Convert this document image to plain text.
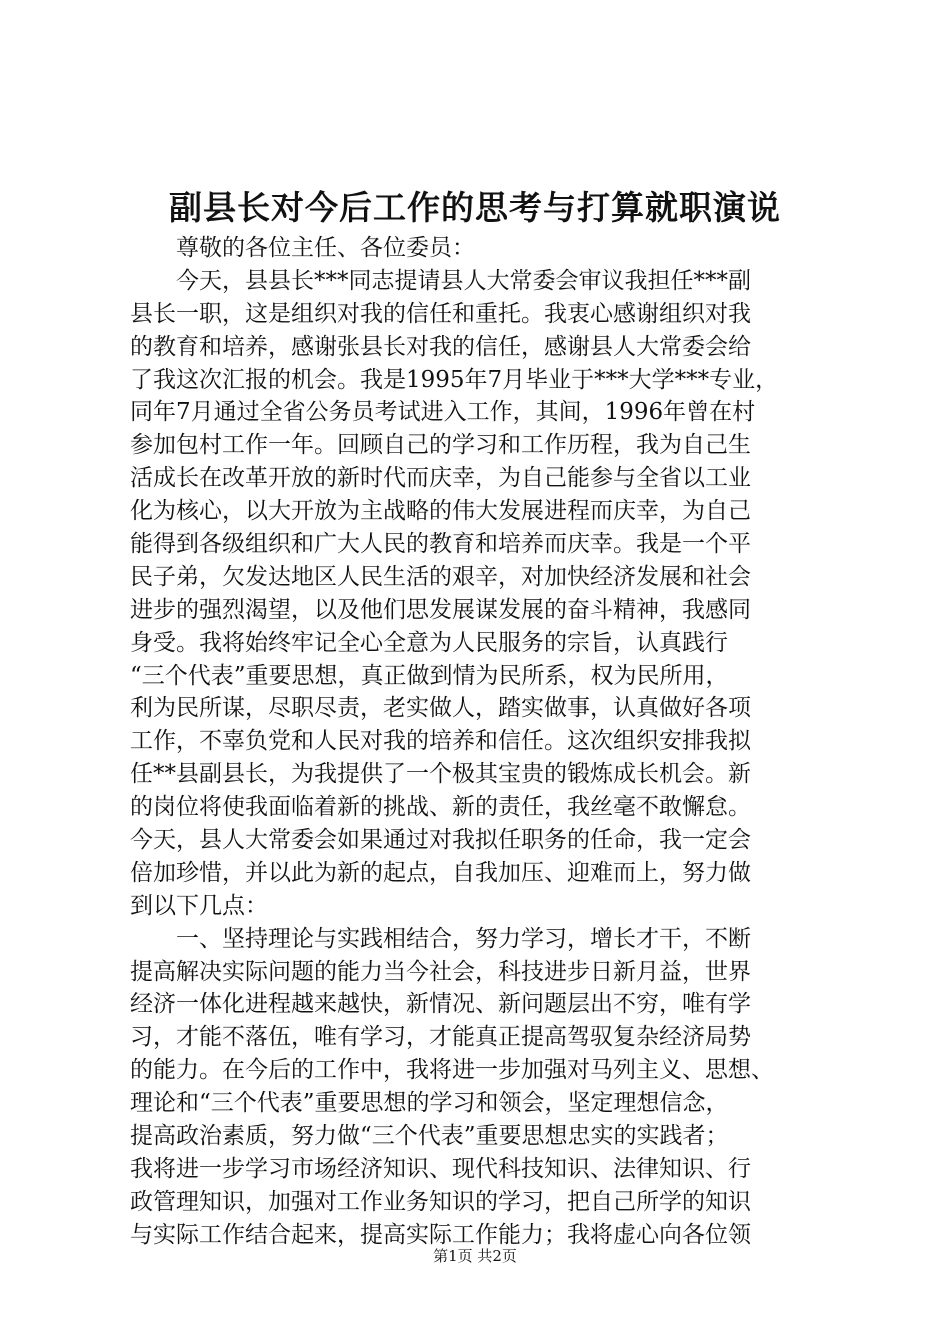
副县长对今后工作的思考与打算就职演说
　　尊敬的各位主任、各位委员：
　　今天，县县长***同志提请县人大常委会审议我担任***副
县长一职，这是组织对我的信任和重托。我衷心感谢组织对我
的教育和培养，感谢张县长对我的信任，感谢县人大常委会给
了我这次汇报的机会。我是1995年7月毕业于***大学***专业，
同年7月通过全省公务员考试进入工作，其间，1996年曾在村
参加包村工作一年。回顾自己的学习和工作历程，我为自己生
活成长在改革开放的新时代而庆幸，为自己能参与全省以工业
化为核心，以大开放为主战略的伟大发展进程而庆幸，为自己
能得到各级组织和广大人民的教育和培养而庆幸。我是一个平
民子弟，欠发达地区人民生活的艰辛，对加快经济发展和社会
进步的强烈渴望，以及他们思发展谋发展的奋斗精神，我感同
身受。我将始终牢记全心全意为人民服务的宗旨，认真践行
“三个代表”重要思想，真正做到情为民所系，权为民所用，
利为民所谋，尽职尽责，老实做人，踏实做事，认真做好各项
工作，不辜负党和人民对我的培养和信任。这次组织安排我拟
任**县副县长，为我提供了一个极其宝贵的锻炼成长机会。新
的岗位将使我面临着新的挑战、新的责任，我丝毫不敢懈怠。
今天，县人大常委会如果通过对我拟任职务的任命，我一定会
倍加珍惜，并以此为新的起点，自我加压、迎难而上，努力做
到以下几点：
　　一、坚持理论与实践相结合，努力学习，增长才干，不断
提高解决实际问题的能力当今社会，科技进步日新月益，世界
经济一体化进程越来越快，新情况、新问题层出不穷，唯有学
习，才能不落伍，唯有学习，才能真正提高驾驭复杂经济局势
的能力。在今后的工作中，我将进一步加强对马列主义、思想、
理论和“三个代表”重要思想的学习和领会，坚定理想信念，
提高政治素质，努力做“三个代表”重要思想忠实的实践者；
我将进一步学习市场经济知识、现代科技知识、法律知识、行
政管理知识，加强对工作业务知识的学习，把自己所学的知识
与实际工作结合起来，提高实际工作能力；我将虚心向各位领
第1页 共2页
